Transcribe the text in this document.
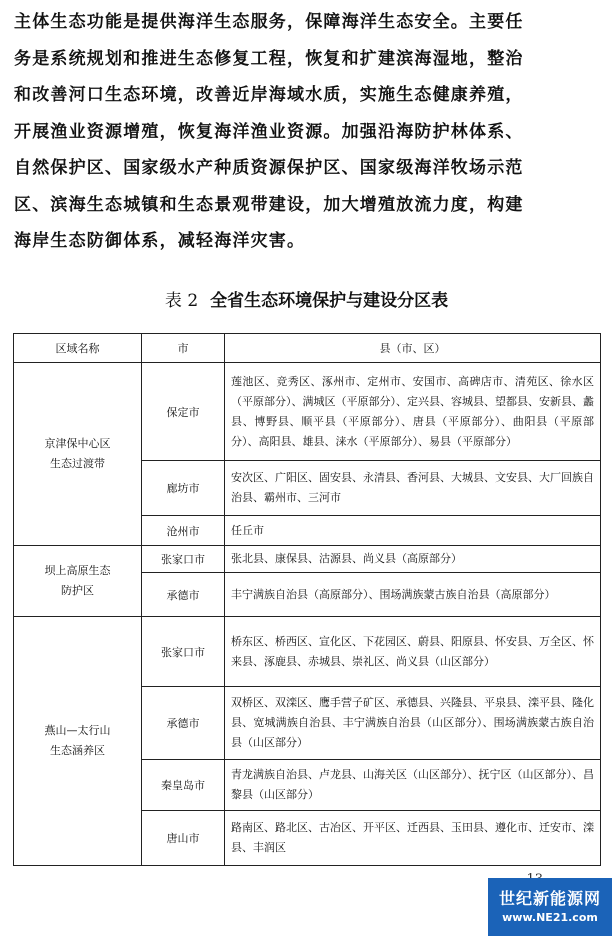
主体生态功能是提供海洋生态服务，保障海洋生态安全。主要任
务是系统规划和推进生态修复工程，恢复和扩建滨海湿地，整治
和改善河口生态环境，改善近岸海域水质，实施生态健康养殖，
开展渔业资源增殖，恢复海洋渔业资源。加强沿海防护林体系、
自然保护区、国家级水产种质资源保护区、国家级海洋牧场示范
区、滨海生态城镇和生态景观带建设，加大增殖放流力度，构建
海岸生态防御体系，减轻海洋灾害。
表 2 全省生态环境保护与建设分区表
区域名称	市	县（市、区）

京津保中心区
生态过渡带	保定市	莲池区、竞秀区、涿州市、定州市、安国市、高碑店市、清苑区、徐水区（平原部分）、满城区（平原部分）、定兴县、容城县、望都县、安新县、蠡县、博野县、顺平县（平原部分）、唐县（平原部分）、曲阳县（平原部分）、高阳县、雄县、涞水（平原部分）、易县（平原部分）
	廊坊市	安次区、广阳区、固安县、永清县、香河县、大城县、文安县、大厂回族自治县、霸州市、三河市
	沧州市	任丘市

坝上高原生态
防护区	张家口市	张北县、康保县、沽源县、尚义县（高原部分）
	承德市	丰宁满族自治县（高原部分）、围场满族蒙古族自治县（高原部分）

燕山—太行山
生态涵养区	张家口市	桥东区、桥西区、宣化区、下花园区、蔚县、阳原县、怀安县、万全区、怀来县、涿鹿县、赤城县、崇礼区、尚义县（山区部分）
	承德市	双桥区、双滦区、鹰手营子矿区、承德县、兴隆县、平泉县、滦平县、隆化县、宽城满族自治县、丰宁满族自治县（山区部分）、围场满族蒙古族自治县（山区部分）
	秦皇岛市	青龙满族自治县、卢龙县、山海关区（山区部分）、抚宁区（山区部分）、昌黎县（山区部分）
	唐山市	路南区、路北区、古冶区、开平区、迁西县、玉田县、遵化市、迁安市、滦县、丰润区
世纪新能源网
www.NE21.com
